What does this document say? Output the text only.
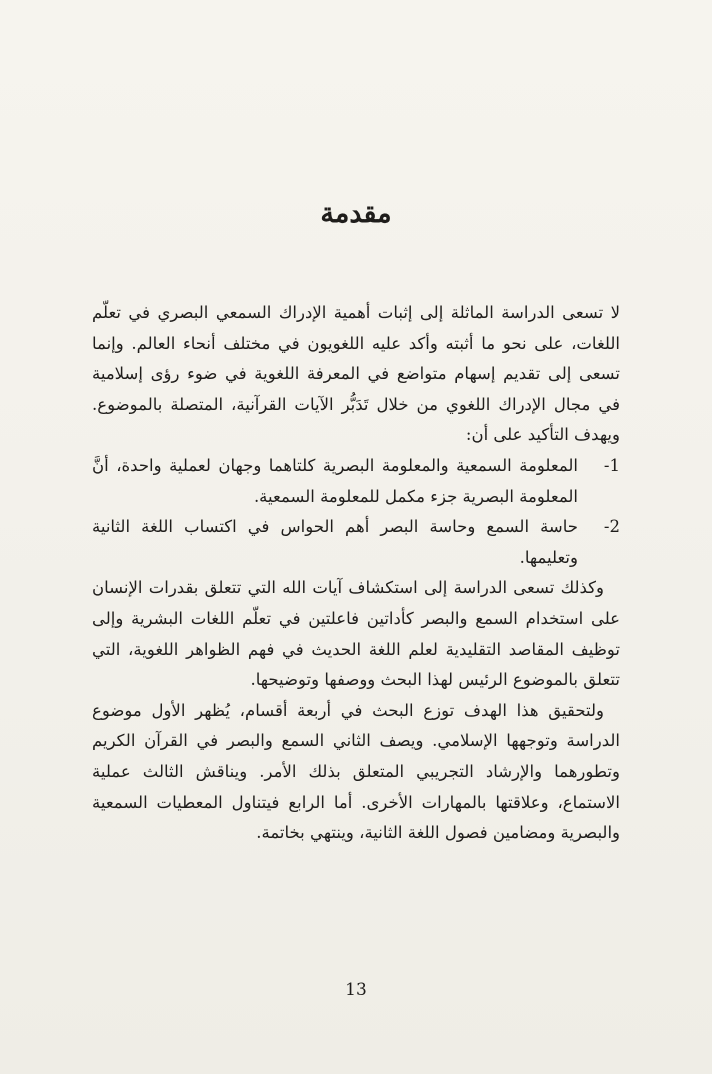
مقدمة

لا تسعى الدراسة الماثلة إلى إثبات أهمية الإدراك السمعي البصري في تعلّم اللغات، على نحو ما أثبته وأكد عليه اللغويون في مختلف أنحاء العالم. وإنما تسعى إلى تقديم إسهام متواضع في المعرفة اللغوية في ضوء رؤى إسلامية في مجال الإدراك اللغوي من خلال تَدَبُّر الآيات القرآنية، المتصلة بالموضوع. ويهدف التأكيد على أن:

1-
المعلومة السمعية والمعلومة البصرية كلتاهما وجهان لعملية واحدة، أنَّ المعلومة البصرية جزء مكمل للمعلومة السمعية.
2-
حاسة السمع وحاسة البصر أهم الحواس في اكتساب اللغة الثانية وتعليمها.

وكذلك تسعى الدراسة إلى استكشاف آيات الله التي تتعلق بقدرات الإنسان على استخدام السمع والبصر كأداتين فاعلتين في تعلّم اللغات البشرية وإلى توظيف المقاصد التقليدية لعلم اللغة الحديث في فهم الظواهر اللغوية، التي تتعلق بالموضوع الرئيس لهذا البحث ووصفها وتوضيحها.

ولتحقيق هذا الهدف توزع البحث في أربعة أقسام، يُظهر الأول موضوع الدراسة وتوجهها الإسلامي. ويصف الثاني السمع والبصر في القرآن الكريم وتطورهما والإرشاد التجريبي المتعلق بذلك الأمر. ويناقش الثالث عملية الاستماع، وعلاقتها بالمهارات الأخرى. أما الرابع فيتناول المعطيات السمعية والبصرية ومضامين فصول اللغة الثانية، وينتهي بخاتمة.

13
